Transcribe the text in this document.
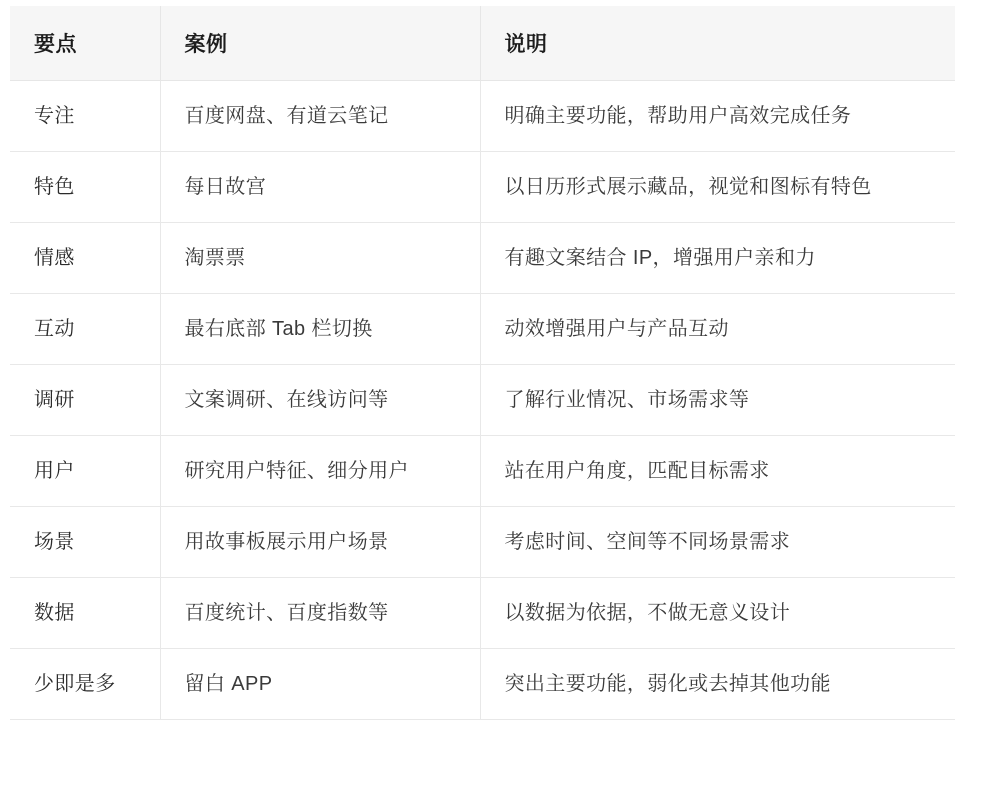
要点	案例	说明
专注	百度网盘、有道云笔记	明确主要功能，帮助用户高效完成任务
特色	每日故宫	以日历形式展示藏品，视觉和图标有特色
情感	淘票票	有趣文案结合 IP，增强用户亲和力
互动	最右底部 Tab 栏切换	动效增强用户与产品互动
调研	文案调研、在线访问等	了解行业情况、市场需求等
用户	研究用户特征、细分用户	站在用户角度，匹配目标需求
场景	用故事板展示用户场景	考虑时间、空间等不同场景需求
数据	百度统计、百度指数等	以数据为依据，不做无意义设计
少即是多	留白 APP	突出主要功能，弱化或去掉其他功能
